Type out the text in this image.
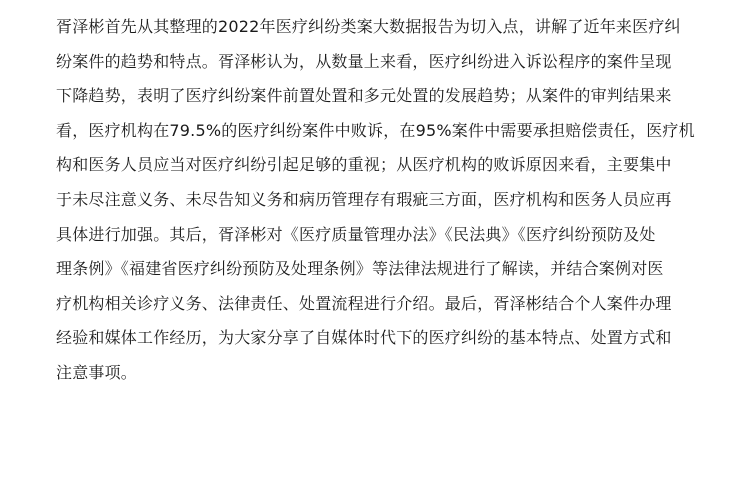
胥泽彬首先从其整理的2022年医疗纠纷类案大数据报告为切入点，讲解了近年来医疗纠
纷案件的趋势和特点。胥泽彬认为，从数量上来看，医疗纠纷进入诉讼程序的案件呈现
下降趋势，表明了医疗纠纷案件前置处置和多元处置的发展趋势；从案件的审判结果来
看，医疗机构在79.5%的医疗纠纷案件中败诉，在95%案件中需要承担赔偿责任，医疗机
构和医务人员应当对医疗纠纷引起足够的重视；从医疗机构的败诉原因来看，主要集中
于未尽注意义务、未尽告知义务和病历管理存有瑕疵三方面，医疗机构和医务人员应再
具体进行加强。其后，胥泽彬对《医疗质量管理办法》《民法典》《医疗纠纷预防及处
理条例》《福建省医疗纠纷预防及处理条例》等法律法规进行了解读，并结合案例对医
疗机构相关诊疗义务、法律责任、处置流程进行介绍。最后，胥泽彬结合个人案件办理
经验和媒体工作经历，为大家分享了自媒体时代下的医疗纠纷的基本特点、处置方式和
注意事项。
